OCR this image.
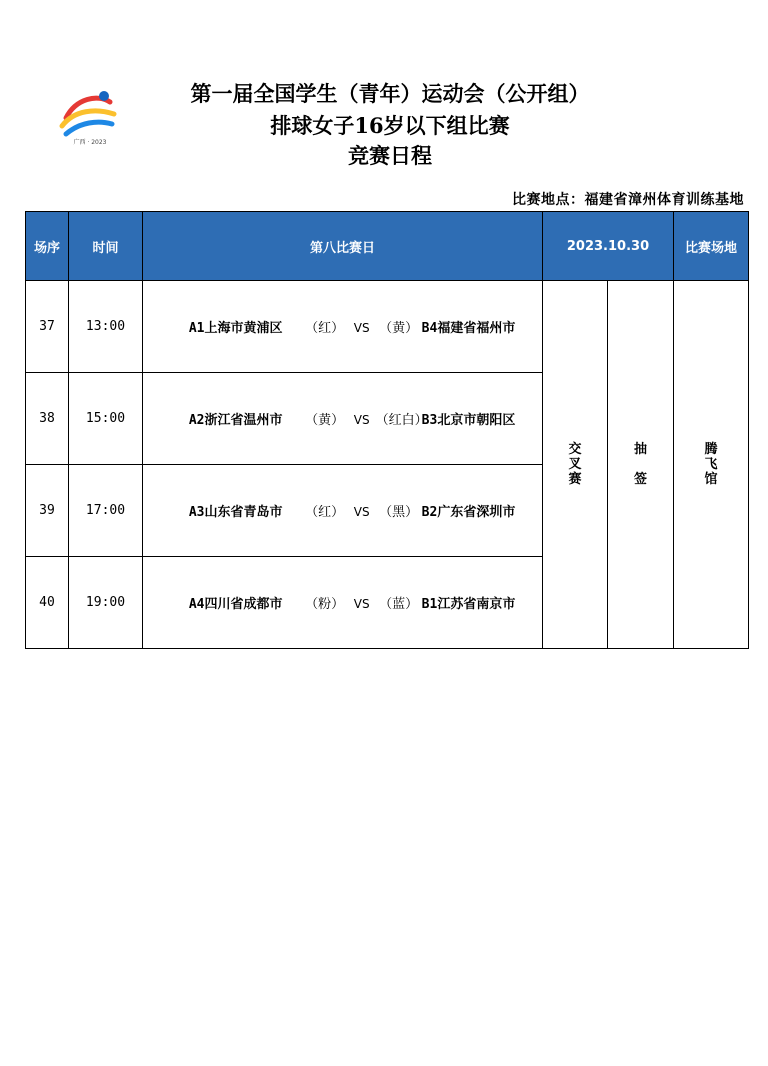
广西 · 2023
第一届全国学生（青年）运动会（公开组）
排球女子16岁以下组比赛
竞赛日程
比赛地点：福建省漳州体育训练基地
场序	时间	第八比赛日	2023.10.30		比赛场地
37	13:00	A1上海市黄浦区 （红） VS （黄） B4福建省福州市	交叉赛	抽签	腾飞馆
38	15:00	A2浙江省温州市 （黄） VS （红白）B3北京市朝阳区			
39	17:00	A3山东省青岛市 （红） VS （黑） B2广东省深圳市			
40	19:00	A4四川省成都市 （粉） VS （蓝） B1江苏省南京市			
